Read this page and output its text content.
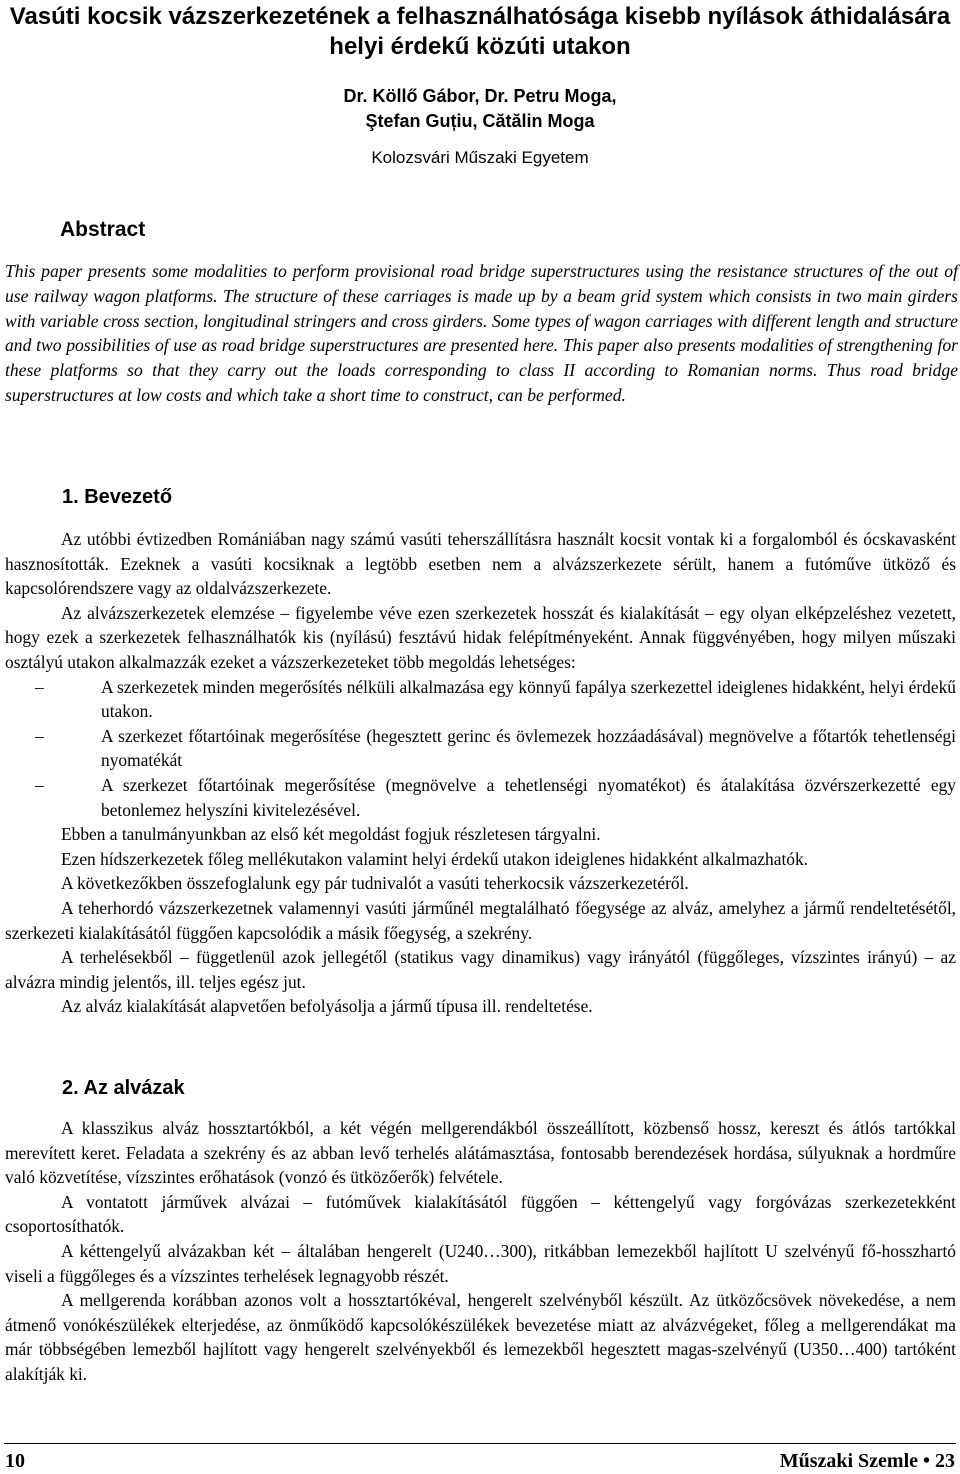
Vasúti kocsik vázszerkezetének a felhasználhatósága kisebb nyílások áthidalására helyi érdekű közúti utakon
Dr. Köllő Gábor, Dr. Petru Moga,
Ştefan Guțiu, Cătălin Moga
Kolozsvári Műszaki Egyetem
Abstract

This paper presents some modalities to perform provisional road bridge superstructures using the resistance structures of the out of use railway wagon platforms. The structure of these carriages is made up by a beam grid system which consists in two main girders with variable cross section, longitudinal stringers and cross girders. Some types of wagon carriages with different length and structure and two possibilities of use as road bridge superstructures are presented here. This paper also presents modalities of strengthening for these platforms so that they carry out the loads corresponding to class II according to Romanian norms. Thus road bridge superstructures at low costs and which take a short time to construct, can be performed.

1. Bevezető

Az utóbbi évtizedben Romániában nagy számú vasúti teherszállításra használt kocsit vontak ki a forgalomból és ócskavasként hasznosították. Ezeknek a vasúti kocsiknak a legtöbb esetben nem a alvázszerkezete sérült, hanem a futóműve ütköző és kapcsolórendszere vagy az oldalvázszerkezete.

Az alvázszerkezetek elemzése – figyelembe véve ezen szerkezetek hosszát és kialakítását – egy olyan elképzeléshez vezetett, hogy ezek a szerkezetek felhasználhatók kis (nyílású) fesztávú hidak felépítményeként. Annak függvényében, hogy milyen műszaki osztályú utakon alkalmazzák ezeket a vázszerkezeteket több megoldás lehetséges:

–	A szerkezetek minden megerősítés nélküli alkalmazása egy könnyű fapálya szerkezettel ideiglenes hidakként, helyi érdekű utakon.
–	A szerkezet főtartóinak megerősítése (hegesztett gerinc és övlemezek hozzáadásával) megnövelve a főtartók tehetlenségi nyomatékát
–	A szerkezet főtartóinak megerősítése (megnövelve a tehetlenségi nyomatékot) és átalakítása özvérszerkezetté egy betonlemez helyszíni kivitelezésével.

Ebben a tanulmányunkban az első két megoldást fogjuk részletesen tárgyalni.

Ezen hídszerkezetek főleg mellékutakon valamint helyi érdekű utakon ideiglenes hidakként alkalmazhatók.

A következőkben összefoglalunk egy pár tudnivalót a vasúti teherkocsik vázszerkezetéről.

A teherhordó vázszerkezetnek valamennyi vasúti járműnél megtalálható főegysége az alváz, amelyhez a jármű rendeltetésétől, szerkezeti kialakításától függően kapcsolódik a másik főegység, a szekrény.

A terhelésekből – függetlenül azok jellegétől (statikus vagy dinamikus) vagy irányától (függőleges, vízszintes irányú) – az alvázra mindig jelentős, ill. teljes egész jut.

Az alváz kialakítását alapvetően befolyásolja a jármű típusa ill. rendeltetése.

2. Az alvázak

A klasszikus alváz hossztartókból, a két végén mellgerendákból összeállított, közbenső hossz, kereszt és átlós tartókkal merevített keret. Feladata a szekrény és az abban levő terhelés alátámasztása, fontosabb berendezések hordása, súlyuknak a hordműre való közvetítése, vízszintes erőhatások (vonzó és ütközőerők) felvétele.

A vontatott járművek alvázai – futóművek kialakításától függően – kéttengelyű vagy forgóvázas szerkezetekként csoportosíthatók.

A kéttengelyű alvázakban két – általában hengerelt (U240…300), ritkábban lemezekből hajlított U szelvényű fő-hosszhartó viseli a függőleges és a vízszintes terhelések legnagyobb részét.

A mellgerenda korábban azonos volt a hossztartókéval, hengerelt szelvényből készült. Az ütközőcsövek növekedése, a nem átmenő vonókészülékek elterjedése, az önműködő kapcsolókészülékek bevezetése miatt az alvázvégeket, főleg a mellgerendákat ma már többségében lemezből hajlított vagy hengerelt szelvényekből és lemezekből hegesztett magas-szelvényű (U350…400) tartóként alakítják ki.

10	Műszaki Szemle • 23
